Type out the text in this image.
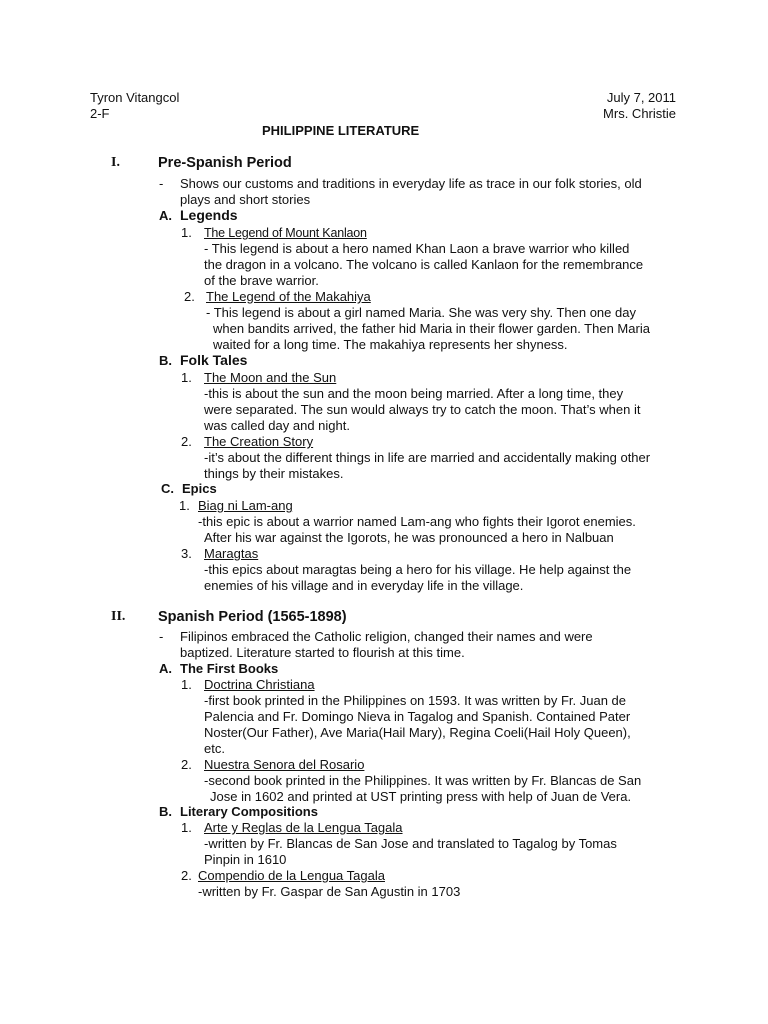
Tyron Vitangcol
2-F
July 7, 2011
Mrs. Christie
PHILIPPINE LITERATURE
I.	Pre-Spanish Period
- Shows our customs and traditions in everyday life as trace in our folk stories, old
plays and short stories
A. Legends
1. The Legend of Mount Kanlaon
- This legend is about a hero named Khan Laon a brave warrior who killed
the dragon in a volcano. The volcano is called Kanlaon for the remembrance
of the brave warrior.
2. The Legend of the Makahiya
- This legend is about a girl named Maria. She was very shy. Then one day
when bandits arrived, the father hid Maria in their flower garden. Then Maria
waited for a long time. The makahiya represents her shyness.
B. Folk Tales
1. The Moon and the Sun
-this is about the sun and the moon being married. After a long time, they
were separated. The sun would always try to catch the moon. That’s when it
was called day and night.
2. The Creation Story
-it’s about the different things in life are married and accidentally making other
things by their mistakes.
C. Epics
1. Biag ni Lam-ang
-this epic is about a warrior named Lam-ang who fights their Igorot enemies.
After his war against the Igorots, he was pronounced a hero in Nalbuan
3. Maragtas
-this epics about maragtas being a hero for his village. He help against the
enemies of his village and in everyday life in the village.
II. Spanish Period (1565-1898)
- Filipinos embraced the Catholic religion, changed their names and were
baptized. Literature started to flourish at this time.
A. The First Books
1. Doctrina Christiana
-first book printed in the Philippines on 1593. It was written by Fr. Juan de
Palencia and Fr. Domingo Nieva in Tagalog and Spanish. Contained Pater
Noster(Our Father), Ave Maria(Hail Mary), Regina Coeli(Hail Holy Queen),
etc.
2. Nuestra Senora del Rosario
-second book printed in the Philippines. It was written by Fr. Blancas de San
Jose in 1602 and printed at UST printing press with help of Juan de Vera.
B. Literary Compositions
1. Arte y Reglas de la Lengua Tagala
-written by Fr. Blancas de San Jose and translated to Tagalog by Tomas
Pinpin in 1610
2. Compendio de la Lengua Tagala
-written by Fr. Gaspar de San Agustin in 1703
